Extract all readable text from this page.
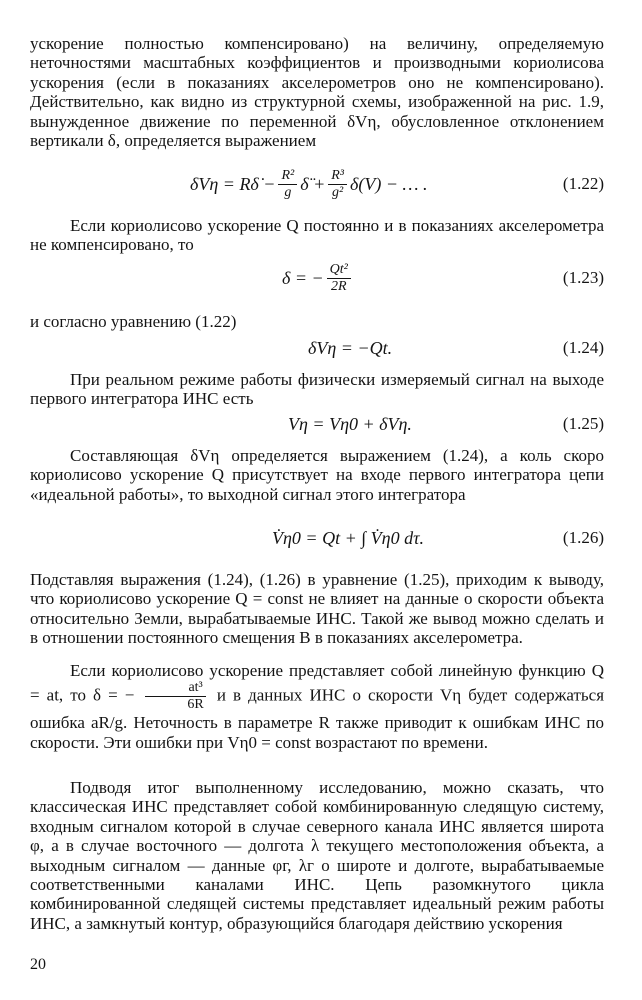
ускорение полностью компенсировано) на величину, определяемую неточностями масштабных коэффициентов и производными кориолисова ускорения (если в показаниях акселерометров оно не компенсировано). Действительно, как видно из структурной схемы, изображенной на рис. 1.9, вынужденное движение по переменной δVη, обусловленное отклонением вертикали δ, определяется выражением

δVη = Rδ̇ − $\frac{\text{R²}}{g}$ δ̈ + $\frac{\text{R³}}{\text{g²}} \delta(V)$ − … .	(1.22)

Если кориолисово ускорение Q постоянно и в показаниях акселерометра не компенсировано, то

δ = − $\frac{\text{Qt²}}{2R}$	(1.23)

и согласно уравнению (1.22)

δVη = −Qt.	(1.24)

При реальном режиме работы физически измеряемый сигнал на выходе первого интегратора ИНС есть

Vη = Vη0 + δVη.	(1.25)

Составляющая δVη определяется выражением (1.24), а коль скоро кориолисово ускорение Q присутствует на входе первого интегратора цепи «идеальной работы», то выходной сигнал этого интегратора

V̇η0 = Qt + ∫ V̇η0 dτ.	(1.26)

Подставляя выражения (1.24), (1.26) в уравнение (1.25), приходим к выводу, что кориолисово ускорение Q = const не влияет на данные о скорости объекта относительно Земли, вырабатываемые ИНС. Такой же вывод можно сделать и в отношении постоянного смещения B в показаниях акселерометра.

Если кориолисово ускорение представляет собой линейную функцию Q = at, то δ = − $\frac{\text{at³}}{6R}$ и в данных ИНС о скорости Vη будет содержаться ошибка aR/g. Неточность в параметре R также приводит к ошибкам ИНС по скорости. Эти ошибки при Vη0 = const возрастают по времени.

Подводя итог выполненному исследованию, можно сказать, что классическая ИНС представляет собой комбинированную следящую систему, входным сигналом которой в случае северного канала ИНС является широта φ, а в случае восточного — долгота λ текущего местоположения объекта, а выходным сигналом — данные φг, λг о широте и долготе, вырабатываемые соответственными каналами ИНС. Цепь разомкнутого цикла комбинированной следящей системы представляет идеальный режим работы ИНС, а замкнутый контур, образующийся благодаря действию ускорения

20
